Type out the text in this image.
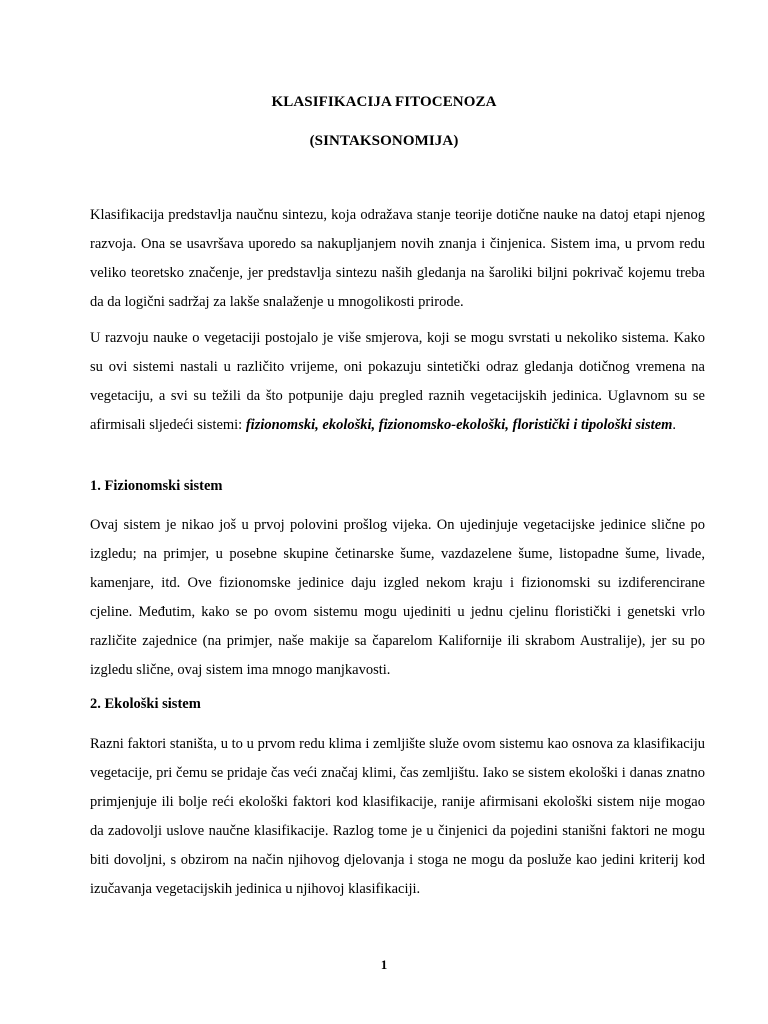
KLASIFIKACIJA FITOCENOZA
(SINTAKSONOMIJA)

Klasifikacija predstavlja naučnu sintezu, koja odražava stanje teorije dotične nauke na datoj etapi njenog razvoja. Ona se usavršava uporedo sa nakupljanjem novih znanja i činjenica. Sistem ima, u prvom redu veliko teoretsko značenje, jer predstavlja sintezu naših gledanja na šaroliki biljni pokrivač kojemu treba da da logični sadržaj za lakše snalaženje u mnogolikosti prirode.

U razvoju nauke o vegetaciji postojalo je više smjerova, koji se mogu svrstati u nekoliko sistema. Kako su ovi sistemi nastali u različito vrijeme, oni pokazuju sintetički odraz gledanja dotičnog vremena na vegetaciju, a svi su težili da što potpunije daju pregled raznih vegetacijskih jedinica. Uglavnom su se afirmisali sljedeći sistemi: fizionomski, ekološki, fizionomsko-ekološki, floristički i tipološki sistem.

1. Fizionomski sistem

Ovaj sistem je nikao još u prvoj polovini prošlog vijeka. On ujedinjuje vegetacijske jedinice slične po izgledu; na primjer, u posebne skupine četinarske šume, vazdazelene šume, listopadne šume, livade, kamenjare, itd. Ove fizionomske jedinice daju izgled nekom kraju i fizionomski su izdiferencirane cjeline. Međutim, kako se po ovom sistemu mogu ujediniti u jednu cjelinu floristički i genetski vrlo različite zajednice (na primjer, naše makije sa čaparelom Kalifornije ili skrabom Australije), jer su po izgledu slične, ovaj sistem ima mnogo manjkavosti.

2. Ekološki sistem

Razni faktori staništa, u to u prvom redu klima i zemljište služe ovom sistemu kao osnova za klasifikaciju vegetacije, pri čemu se pridaje čas veći značaj klimi, čas zemljištu. Iako se sistem ekološki i danas znatno primjenjuje ili bolje reći ekološki faktori kod klasifikacije, ranije afirmisani ekološki sistem nije mogao da zadovolji uslove naučne klasifikacije. Razlog tome je u činjenici da pojedini stanišni faktori ne mogu biti dovoljni, s obzirom na način njihovog djelovanja i stoga ne mogu da posluže kao jedini kriterij kod izučavanja vegetacijskih jedinica u njihovoj klasifikaciji.

1
